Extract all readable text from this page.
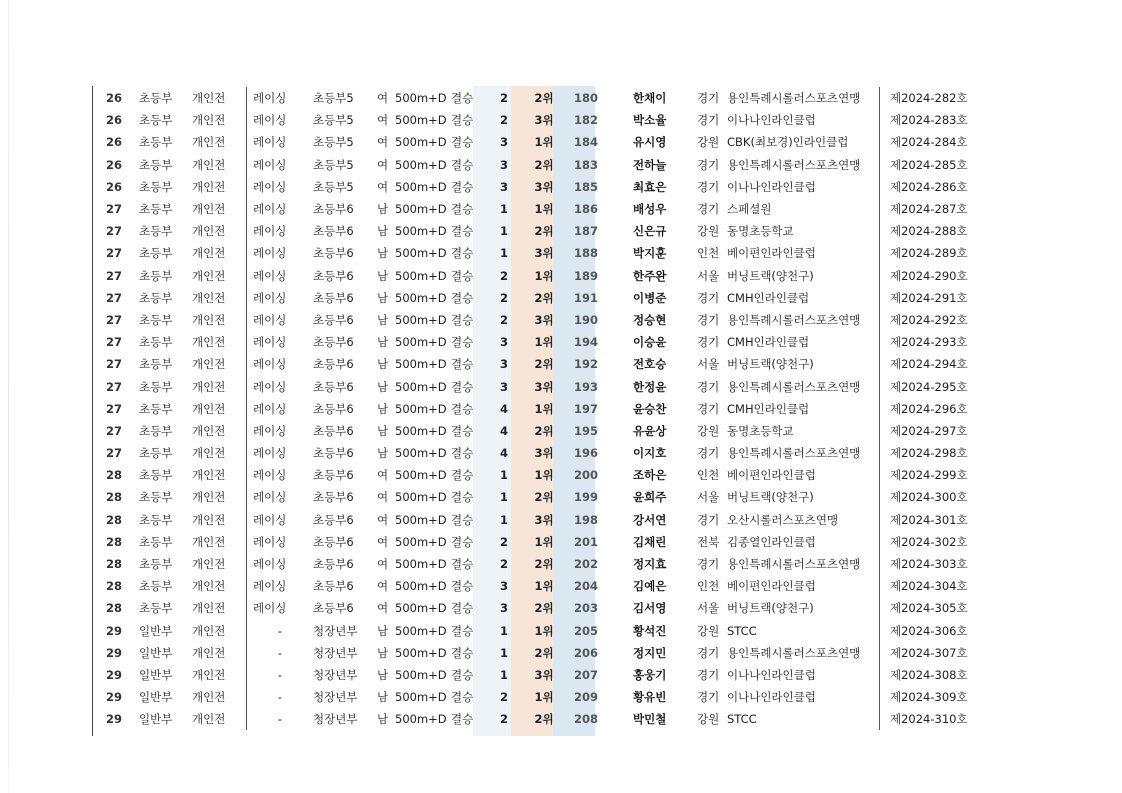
26	초등부	개인전	레이싱	초등부5	여	500m+D	결승	2	2위	180		한채이	경기	용인특례시롤러스포츠연맹	제2024-282호
26	초등부	개인전	레이싱	초등부5	여	500m+D	결승	2	3위	182		박소율	경기	이나나인라인클럽	제2024-283호
26	초등부	개인전	레이싱	초등부5	여	500m+D	결승	3	1위	184		유시영	강원	CBK(최보경)인라인클럽	제2024-284호
26	초등부	개인전	레이싱	초등부5	여	500m+D	결승	3	2위	183		전하늘	경기	용인특례시롤러스포츠연맹	제2024-285호
26	초등부	개인전	레이싱	초등부5	여	500m+D	결승	3	3위	185		최효은	경기	이나나인라인클럽	제2024-286호
27	초등부	개인전	레이싱	초등부6	남	500m+D	결승	1	1위	186		배성우	경기	스페셜원	제2024-287호
27	초등부	개인전	레이싱	초등부6	남	500m+D	결승	1	2위	187		신은규	강원	동명초등학교	제2024-288호
27	초등부	개인전	레이싱	초등부6	남	500m+D	결승	1	3위	188		박지훈	인천	베이편인라인클럽	제2024-289호
27	초등부	개인전	레이싱	초등부6	남	500m+D	결승	2	1위	189		한주완	서울	버닝트랙(양천구)	제2024-290호
27	초등부	개인전	레이싱	초등부6	남	500m+D	결승	2	2위	191		이병준	경기	CMH인라인클럽	제2024-291호
27	초등부	개인전	레이싱	초등부6	남	500m+D	결승	2	3위	190		정승현	경기	용인특례시롤러스포츠연맹	제2024-292호
27	초등부	개인전	레이싱	초등부6	남	500m+D	결승	3	1위	194		이승윤	경기	CMH인라인클럽	제2024-293호
27	초등부	개인전	레이싱	초등부6	남	500m+D	결승	3	2위	192		전호승	서울	버닝트랙(양천구)	제2024-294호
27	초등부	개인전	레이싱	초등부6	남	500m+D	결승	3	3위	193		한정윤	경기	용인특례시롤러스포츠연맹	제2024-295호
27	초등부	개인전	레이싱	초등부6	남	500m+D	결승	4	1위	197		윤승찬	경기	CMH인라인클럽	제2024-296호
27	초등부	개인전	레이싱	초등부6	남	500m+D	결승	4	2위	195		유윤상	강원	동명초등학교	제2024-297호
27	초등부	개인전	레이싱	초등부6	남	500m+D	결승	4	3위	196		이지호	경기	용인특례시롤러스포츠연맹	제2024-298호
28	초등부	개인전	레이싱	초등부6	여	500m+D	결승	1	1위	200		조하은	인천	베이편인라인클럽	제2024-299호
28	초등부	개인전	레이싱	초등부6	여	500m+D	결승	1	2위	199		윤희주	서울	버닝트랙(양천구)	제2024-300호
28	초등부	개인전	레이싱	초등부6	여	500m+D	결승	1	3위	198		강서연	경기	오산시롤러스포츠연맹	제2024-301호
28	초등부	개인전	레이싱	초등부6	여	500m+D	결승	2	1위	201		김채린	전북	김종열인라인클럽	제2024-302호
28	초등부	개인전	레이싱	초등부6	여	500m+D	결승	2	2위	202		정지효	경기	용인특례시롤러스포츠연맹	제2024-303호
28	초등부	개인전	레이싱	초등부6	여	500m+D	결승	3	1위	204		김예은	인천	베이편인라인클럽	제2024-304호
28	초등부	개인전	레이싱	초등부6	여	500m+D	결승	3	2위	203		김서영	서울	버닝트랙(양천구)	제2024-305호
29	일반부	개인전	-	청장년부	남	500m+D	결승	1	1위	205		황석진	강원	STCC	제2024-306호
29	일반부	개인전	-	청장년부	남	500m+D	결승	1	2위	206		정지민	경기	용인특례시롤러스포츠연맹	제2024-307호
29	일반부	개인전	-	청장년부	남	500m+D	결승	1	3위	207		홍웅기	경기	이나나인라인클럽	제2024-308호
29	일반부	개인전	-	청장년부	남	500m+D	결승	2	1위	209		황유빈	경기	이나나인라인클럽	제2024-309호
29	일반부	개인전	-	청장년부	남	500m+D	결승	2	2위	208		박민철	강원	STCC	제2024-310호
